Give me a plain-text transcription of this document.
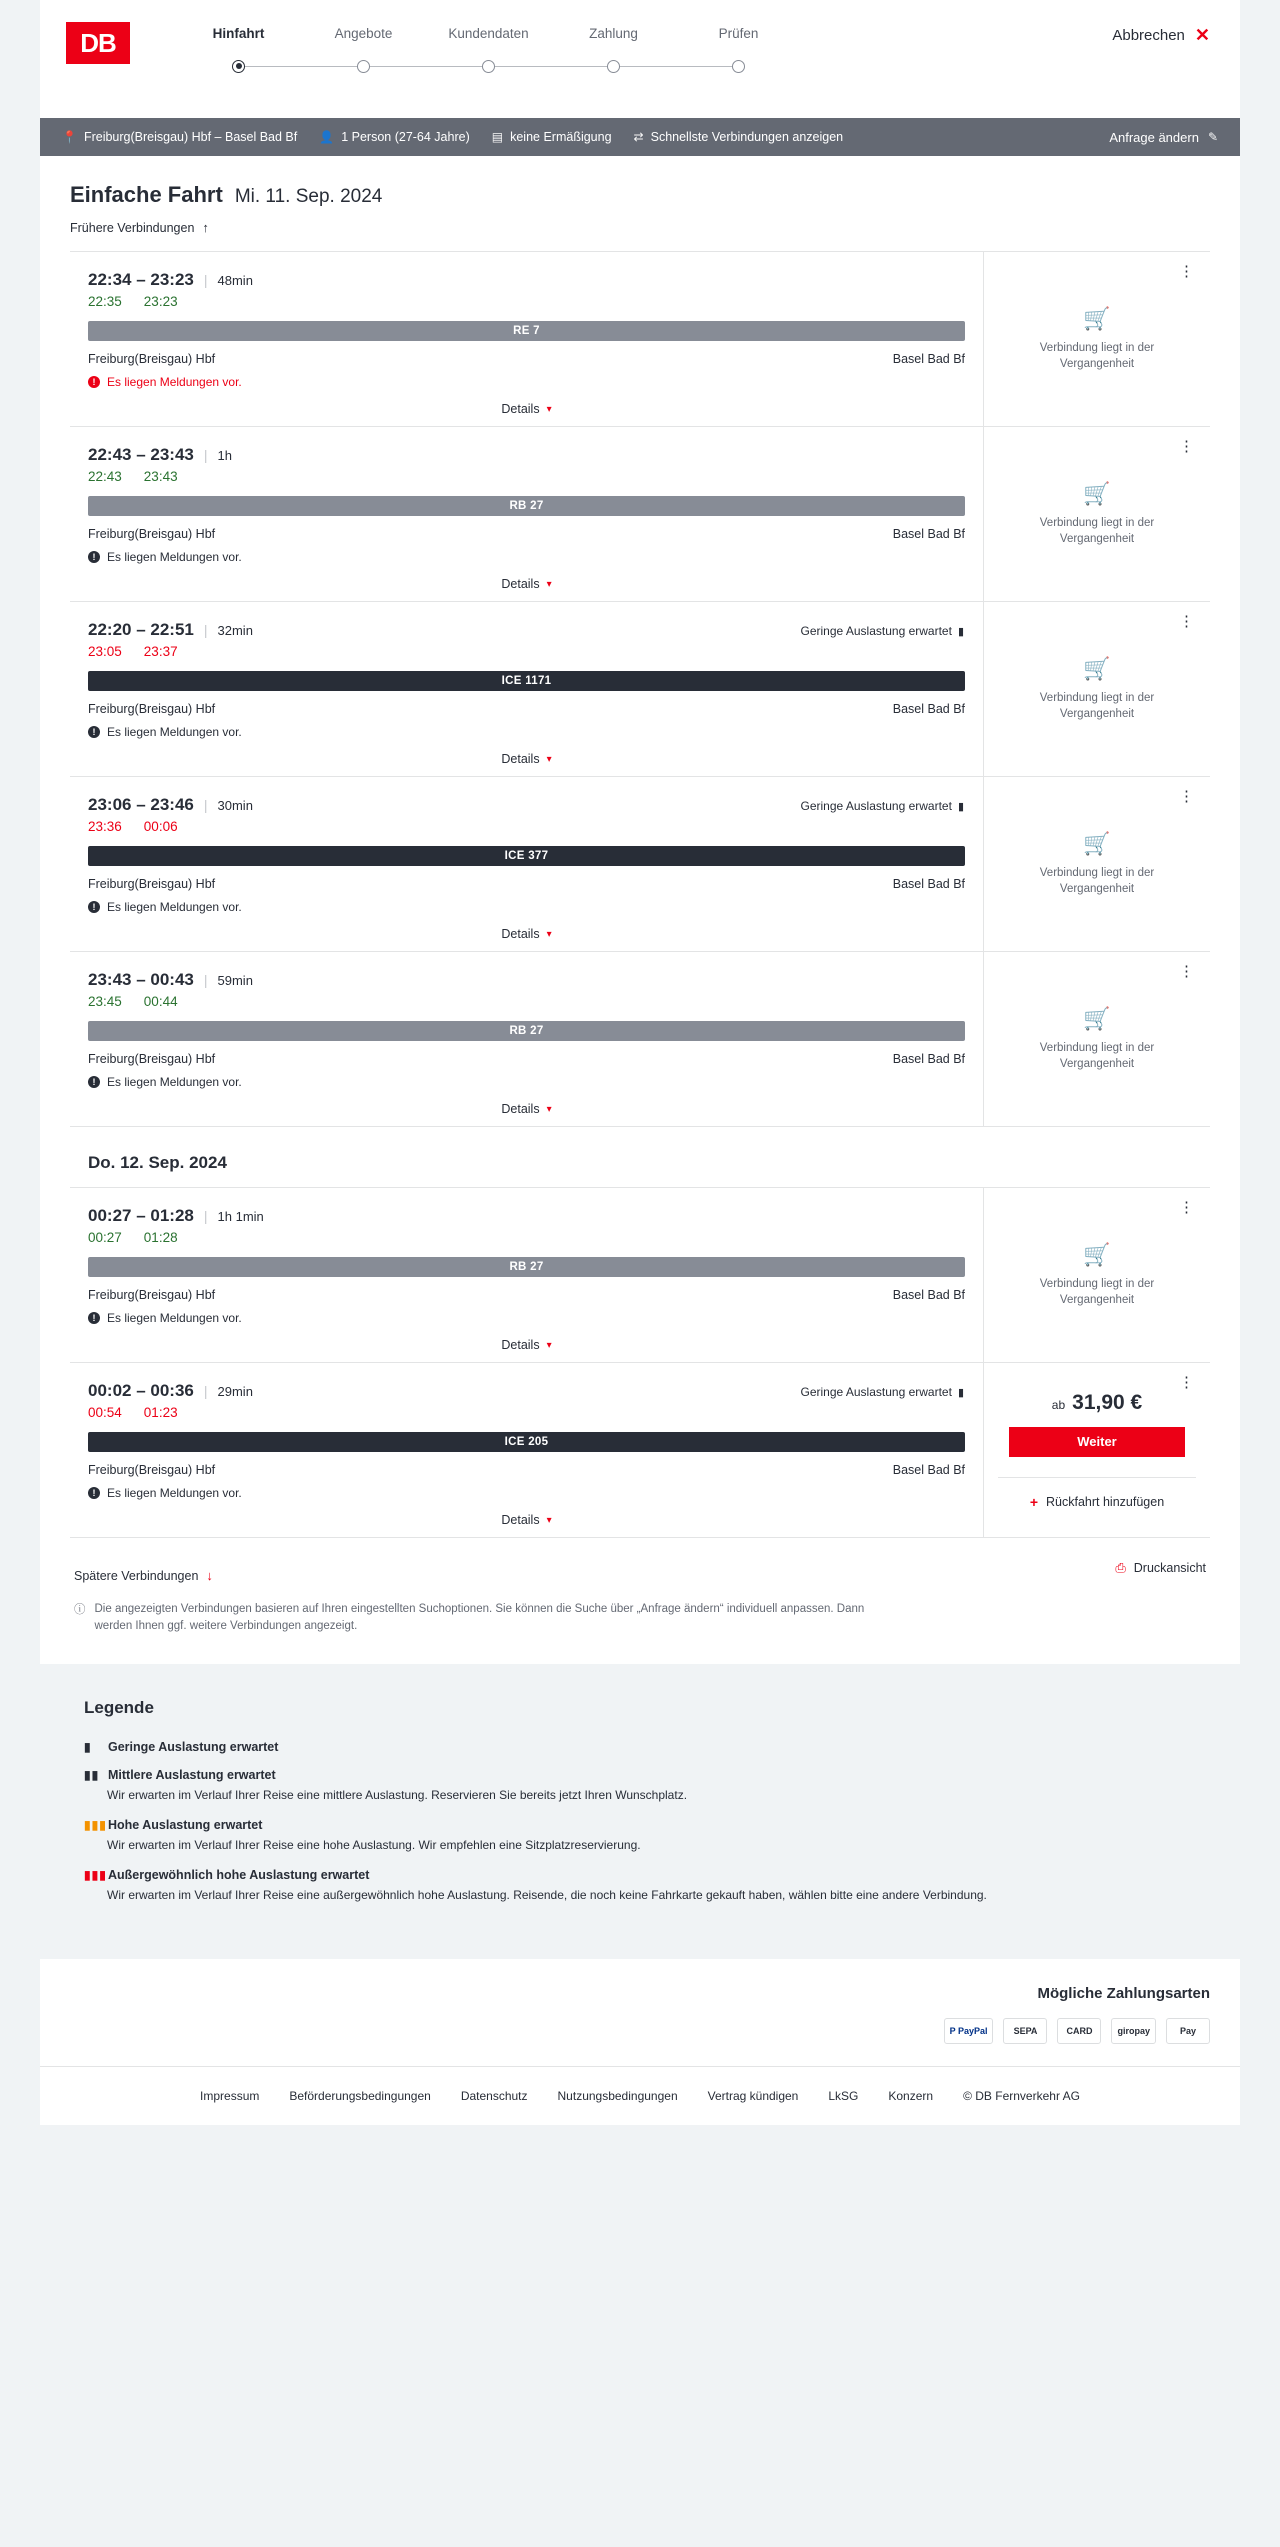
DB	Hinfahrt	Angebote	Kundendaten	Zahlung	Prüfen	Abbrechen ✕
📍 Freiburg(Breisgau) Hbf – Basel Bad Bf 👤 1 Person (27-64 Jahre) ▤ keine Ermäßigung ⇄ Schnellste Verbindungen anzeigen	Anfrage ändern ✎
Einfache Fahrt Mi. 11. Sep. 2024
Frühere Verbindungen ↑
22:34 – 23:23 | 48min
22:35 23:23
RE 7
Freiburg(Breisgau) Hbf	Basel Bad Bf
! Es liegen Meldungen vor.
Details ▾
⋮
🛒
Verbindung liegt in der Vergangenheit
22:43 – 23:43 | 1h
22:43 23:43
RB 27
Freiburg(Breisgau) Hbf	Basel Bad Bf
! Es liegen Meldungen vor.
Details ▾
⋮
🛒
Verbindung liegt in der Vergangenheit
22:20 – 22:51 | 32min	Geringe Auslastung erwartet ▮
23:05 23:37
ICE 1171
Freiburg(Breisgau) Hbf	Basel Bad Bf
! Es liegen Meldungen vor.
Details ▾
⋮
🛒
Verbindung liegt in der Vergangenheit
23:06 – 23:46 | 30min	Geringe Auslastung erwartet ▮
23:36 00:06
ICE 377
Freiburg(Breisgau) Hbf	Basel Bad Bf
! Es liegen Meldungen vor.
Details ▾
⋮
🛒
Verbindung liegt in der Vergangenheit
23:43 – 00:43 | 59min
23:45 00:44
RB 27
Freiburg(Breisgau) Hbf	Basel Bad Bf
! Es liegen Meldungen vor.
Details ▾
⋮
🛒
Verbindung liegt in der Vergangenheit
Do. 12. Sep. 2024
00:27 – 01:28 | 1h 1min
00:27 01:28
RB 27
Freiburg(Breisgau) Hbf	Basel Bad Bf
! Es liegen Meldungen vor.
Details ▾
⋮
🛒
Verbindung liegt in der Vergangenheit
00:02 – 00:36 | 29min	Geringe Auslastung erwartet ▮
00:54 01:23
ICE 205
Freiburg(Breisgau) Hbf	Basel Bad Bf
! Es liegen Meldungen vor.
Details ▾
⋮
ab 31,90 €
Weiter
+ Rückfahrt hinzufügen
Spätere Verbindungen ↓
⎙ Druckansicht
ⓘ Die angezeigten Verbindungen basieren auf Ihren eingestellten Suchoptionen. Sie können die Suche über „Anfrage ändern“ individuell anpassen. Dann werden Ihnen ggf. weitere Verbindungen angezeigt.
Legende
▮	Geringe Auslastung erwartet
▮▮ Mittlere Auslastung erwartet
Wir erwarten im Verlauf Ihrer Reise eine mittlere Auslastung. Reservieren Sie bereits jetzt Ihren Wunschplatz.
▮▮▮ Hohe Auslastung erwartet
Wir erwarten im Verlauf Ihrer Reise eine hohe Auslastung. Wir empfehlen eine Sitzplatzreservierung.
▮▮▮ Außergewöhnlich hohe Auslastung erwartet
Wir erwarten im Verlauf Ihrer Reise eine außergewöhnlich hohe Auslastung. Reisende, die noch keine Fahrkarte gekauft haben, wählen bitte eine andere Verbindung.
Mögliche Zahlungsarten
P PayPal	SEPA	CARD	giropay	Pay
Impressum	Beförderungsbedingungen	Datenschutz	Nutzungsbedingungen	Vertrag kündigen	LkSG	Konzern	© DB Fernverkehr AG
